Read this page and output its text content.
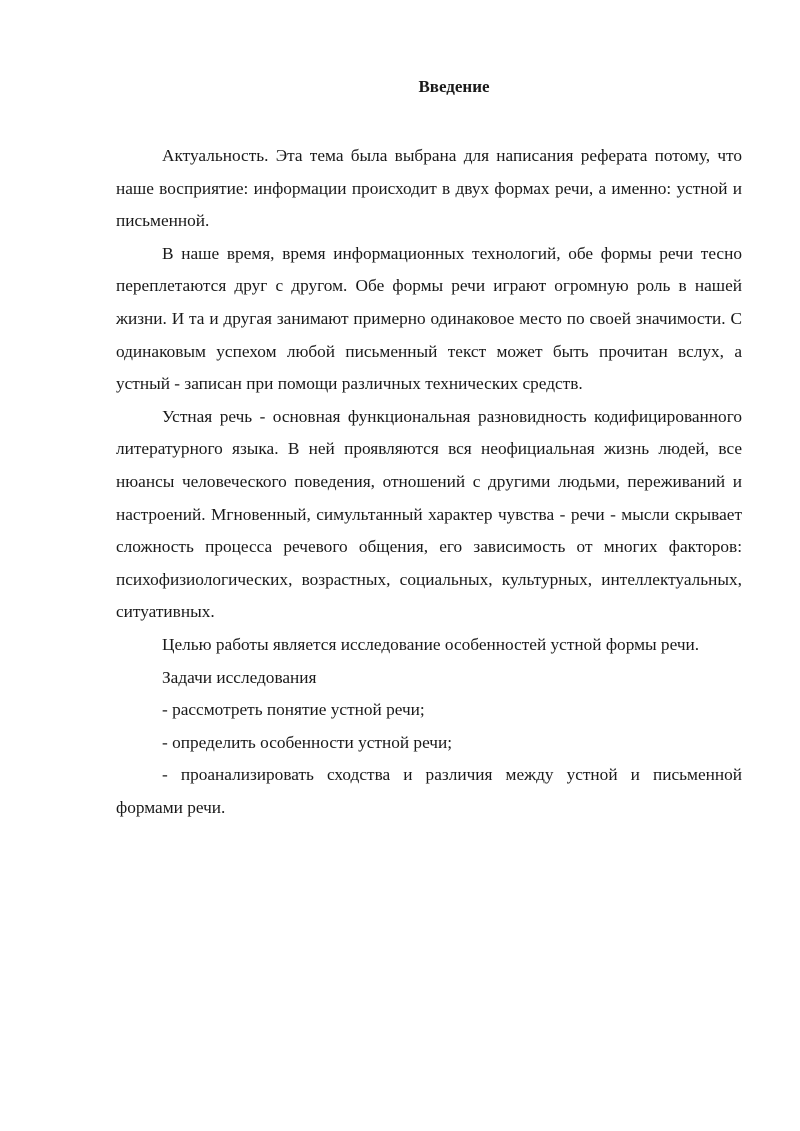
Введение

Актуальность. Эта тема была выбрана для написания реферата потому, что наше восприятие: информации происходит в двух формах речи, а именно: устной и письменной.

В наше время, время информационных технологий, обе формы речи тесно переплетаются друг с другом. Обе формы речи играют огромную роль в нашей жизни. И та и другая занимают примерно одинаковое место по своей значимости. С одинаковым успехом любой письменный текст может быть прочитан вслух, а устный - записан при помощи различных технических средств.

Устная речь - основная функциональная разновидность кодифицированного литературного языка. В ней проявляются вся неофициальная жизнь людей, все нюансы человеческого поведения, отношений с другими людьми, переживаний и настроений. Мгновенный, симультанный характер чувства - речи - мысли скрывает сложность процесса речевого общения, его зависимость от многих факторов: психофизиологических, возрастных, социальных, культурных, интеллектуальных, ситуативных.

Целью работы является исследование особенностей устной формы речи.

Задачи исследования

- рассмотреть понятие устной речи;

- определить особенности устной речи;

- проанализировать сходства и различия между устной и письменной формами речи.
